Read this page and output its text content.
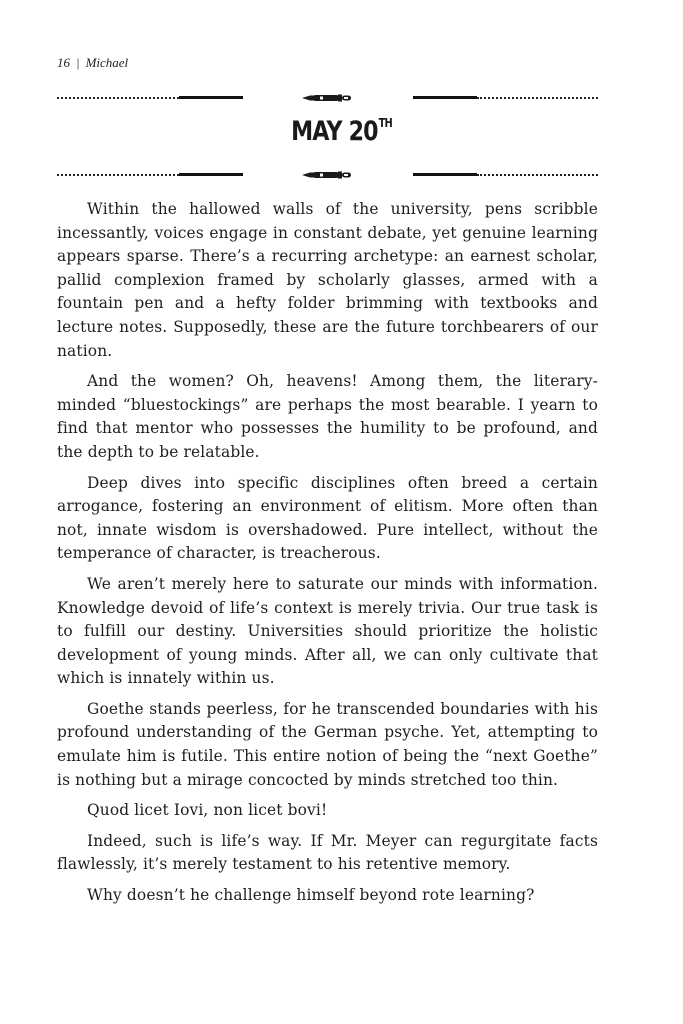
16 | Michael
MAY 20TH

Within the hallowed walls of the university, pens scribble incessantly, voices engage in constant debate, yet genuine learning appears sparse. There’s a recurring archetype: an earnest scholar, pallid complexion framed by scholarly glasses, armed with a fountain pen and a hefty folder brimming with textbooks and lecture notes. Supposedly, these are the future torchbearers of our nation.

And the women? Oh, heavens! Among them, the literary-minded “bluestockings” are perhaps the most bearable. I yearn to find that mentor who possesses the humility to be profound, and the depth to be relatable.

Deep dives into specific disciplines often breed a certain arrogance, fostering an environment of elitism. More often than not, innate wisdom is overshadowed. Pure intellect, without the temperance of character, is treacherous.

We aren’t merely here to saturate our minds with information. Knowledge devoid of life’s context is merely trivia. Our true task is to fulfill our destiny. Universities should prioritize the holistic development of young minds. After all, we can only cultivate that which is innately within us.

Goethe stands peerless, for he transcended boundaries with his profound understanding of the German psyche. Yet, attempting to emulate him is futile. This entire notion of being the “next Goethe” is nothing but a mirage concocted by minds stretched too thin.

Quod licet Iovi, non licet bovi!

Indeed, such is life’s way. If Mr. Meyer can regurgitate facts flawlessly, it’s merely testament to his retentive memory.

Why doesn’t he challenge himself beyond rote learning?
